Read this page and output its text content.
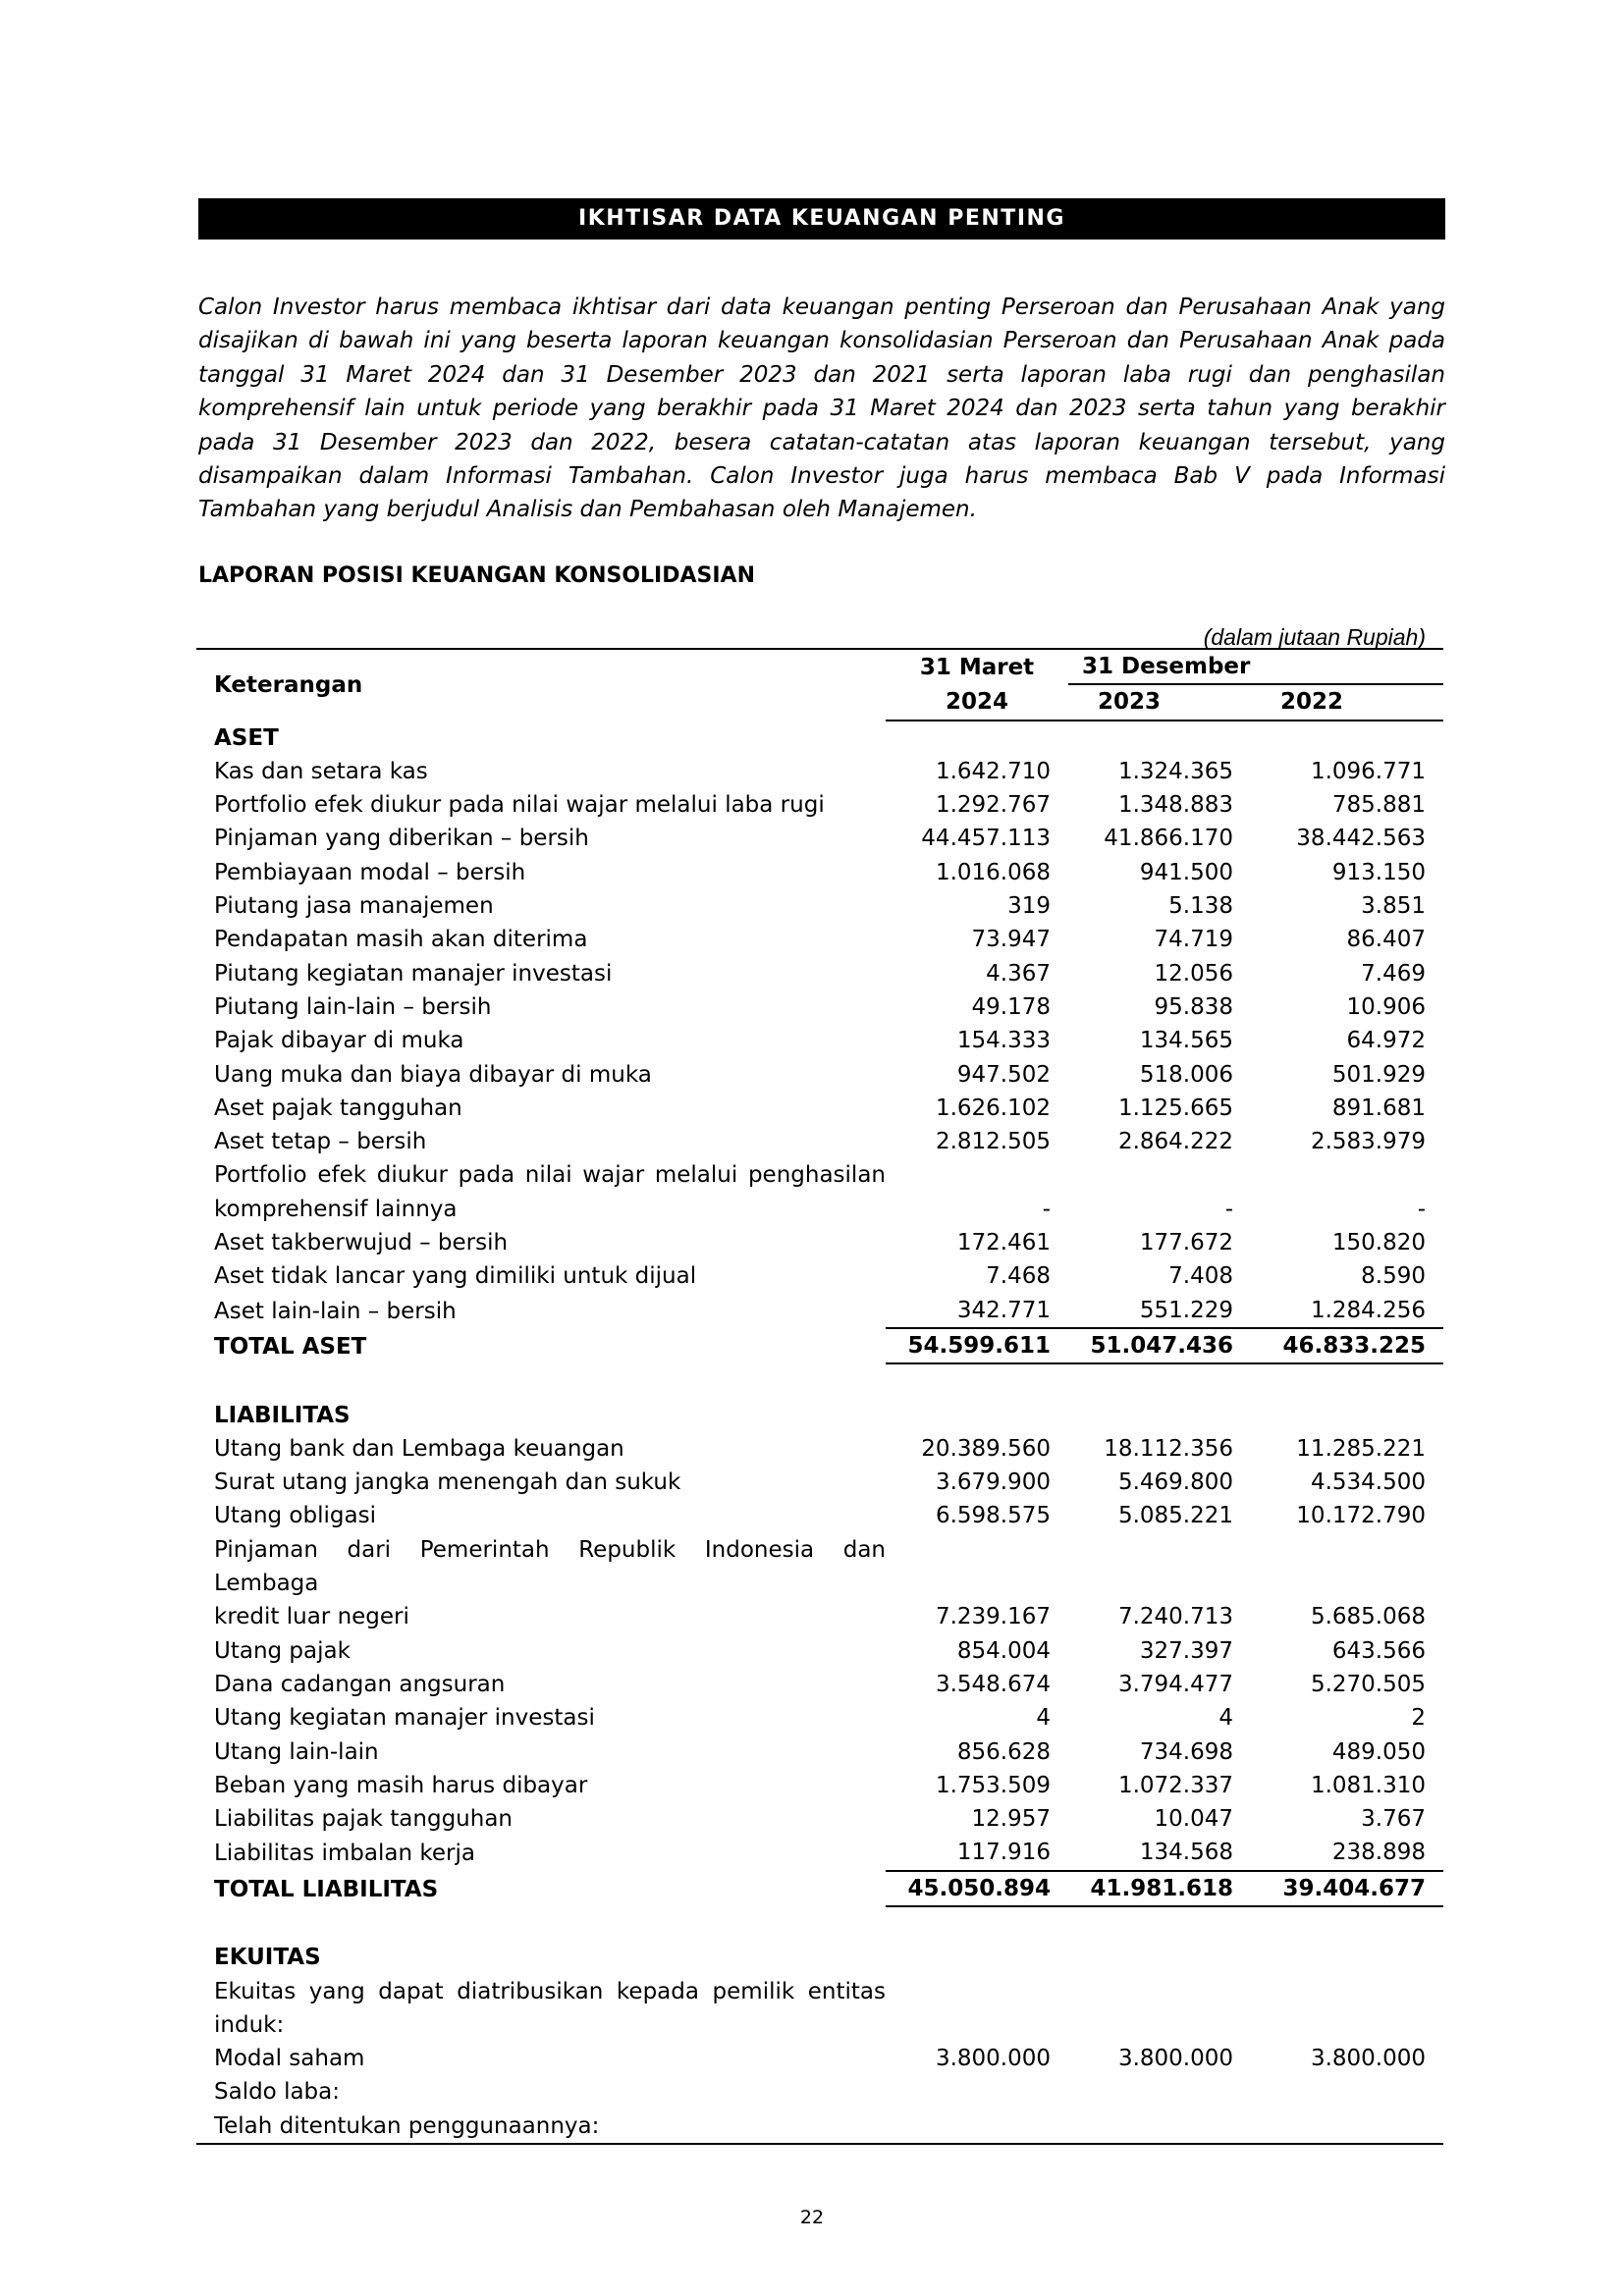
IKHTISAR DATA KEUANGAN PENTING
Calon Investor harus membaca ikhtisar dari data keuangan penting Perseroan dan Perusahaan Anak yang disajikan di bawah ini yang beserta laporan keuangan konsolidasian Perseroan dan Perusahaan Anak pada tanggal 31 Maret 2024 dan 31 Desember 2023 dan 2021 serta laporan laba rugi dan penghasilan komprehensif lain untuk periode yang berakhir pada 31 Maret 2024 dan 2023 serta tahun yang berakhir pada 31 Desember 2023 dan 2022, besera catatan-catatan atas laporan keuangan tersebut, yang disampaikan dalam Informasi Tambahan. Calon Investor juga harus membaca Bab V pada Informasi Tambahan yang berjudul Analisis dan Pembahasan oleh Manajemen.
LAPORAN POSISI KEUANGAN KONSOLIDASIAN
(dalam jutaan Rupiah)
Keterangan	31 Maret	31 Desember	
	2024	2023	2022
ASET			
Kas dan setara kas	1.642.710	1.324.365	1.096.771
Portfolio efek diukur pada nilai wajar melalui laba rugi	1.292.767	1.348.883	785.881
Pinjaman yang diberikan – bersih	44.457.113	41.866.170	38.442.563
Pembiayaan modal – bersih	1.016.068	941.500	913.150
Piutang jasa manajemen	319	5.138	3.851
Pendapatan masih akan diterima	73.947	74.719	86.407
Piutang kegiatan manajer investasi	4.367	12.056	7.469
Piutang lain-lain – bersih	49.178	95.838	10.906
Pajak dibayar di muka	154.333	134.565	64.972
Uang muka dan biaya dibayar di muka	947.502	518.006	501.929
Aset pajak tangguhan	1.626.102	1.125.665	891.681
Aset tetap – bersih	2.812.505	2.864.222	2.583.979
Portfolio efek diukur pada nilai wajar melalui penghasilan			
komprehensif lainnya	-	-	-
Aset takberwujud – bersih	172.461	177.672	150.820
Aset tidak lancar yang dimiliki untuk dijual	7.468	7.408	8.590
Aset lain-lain – bersih	342.771	551.229	1.284.256
TOTAL ASET	54.599.611	51.047.436	46.833.225

LIABILITAS			
Utang bank dan Lembaga keuangan	20.389.560	18.112.356	11.285.221
Surat utang jangka menengah dan sukuk	3.679.900	5.469.800	4.534.500
Utang obligasi	6.598.575	5.085.221	10.172.790
Pinjaman dari Pemerintah Republik Indonesia dan Lembaga			
kredit luar negeri	7.239.167	7.240.713	5.685.068
Utang pajak	854.004	327.397	643.566
Dana cadangan angsuran	3.548.674	3.794.477	5.270.505
Utang kegiatan manajer investasi	4	4	2
Utang lain-lain	856.628	734.698	489.050
Beban yang masih harus dibayar	1.753.509	1.072.337	1.081.310
Liabilitas pajak tangguhan	12.957	10.047	3.767
Liabilitas imbalan kerja	117.916	134.568	238.898
TOTAL LIABILITAS	45.050.894	41.981.618	39.404.677

EKUITAS			
Ekuitas yang dapat diatribusikan kepada pemilik entitas			
induk:			
Modal saham	3.800.000	3.800.000	3.800.000
Saldo laba:			
Telah ditentukan penggunaannya:			
22
